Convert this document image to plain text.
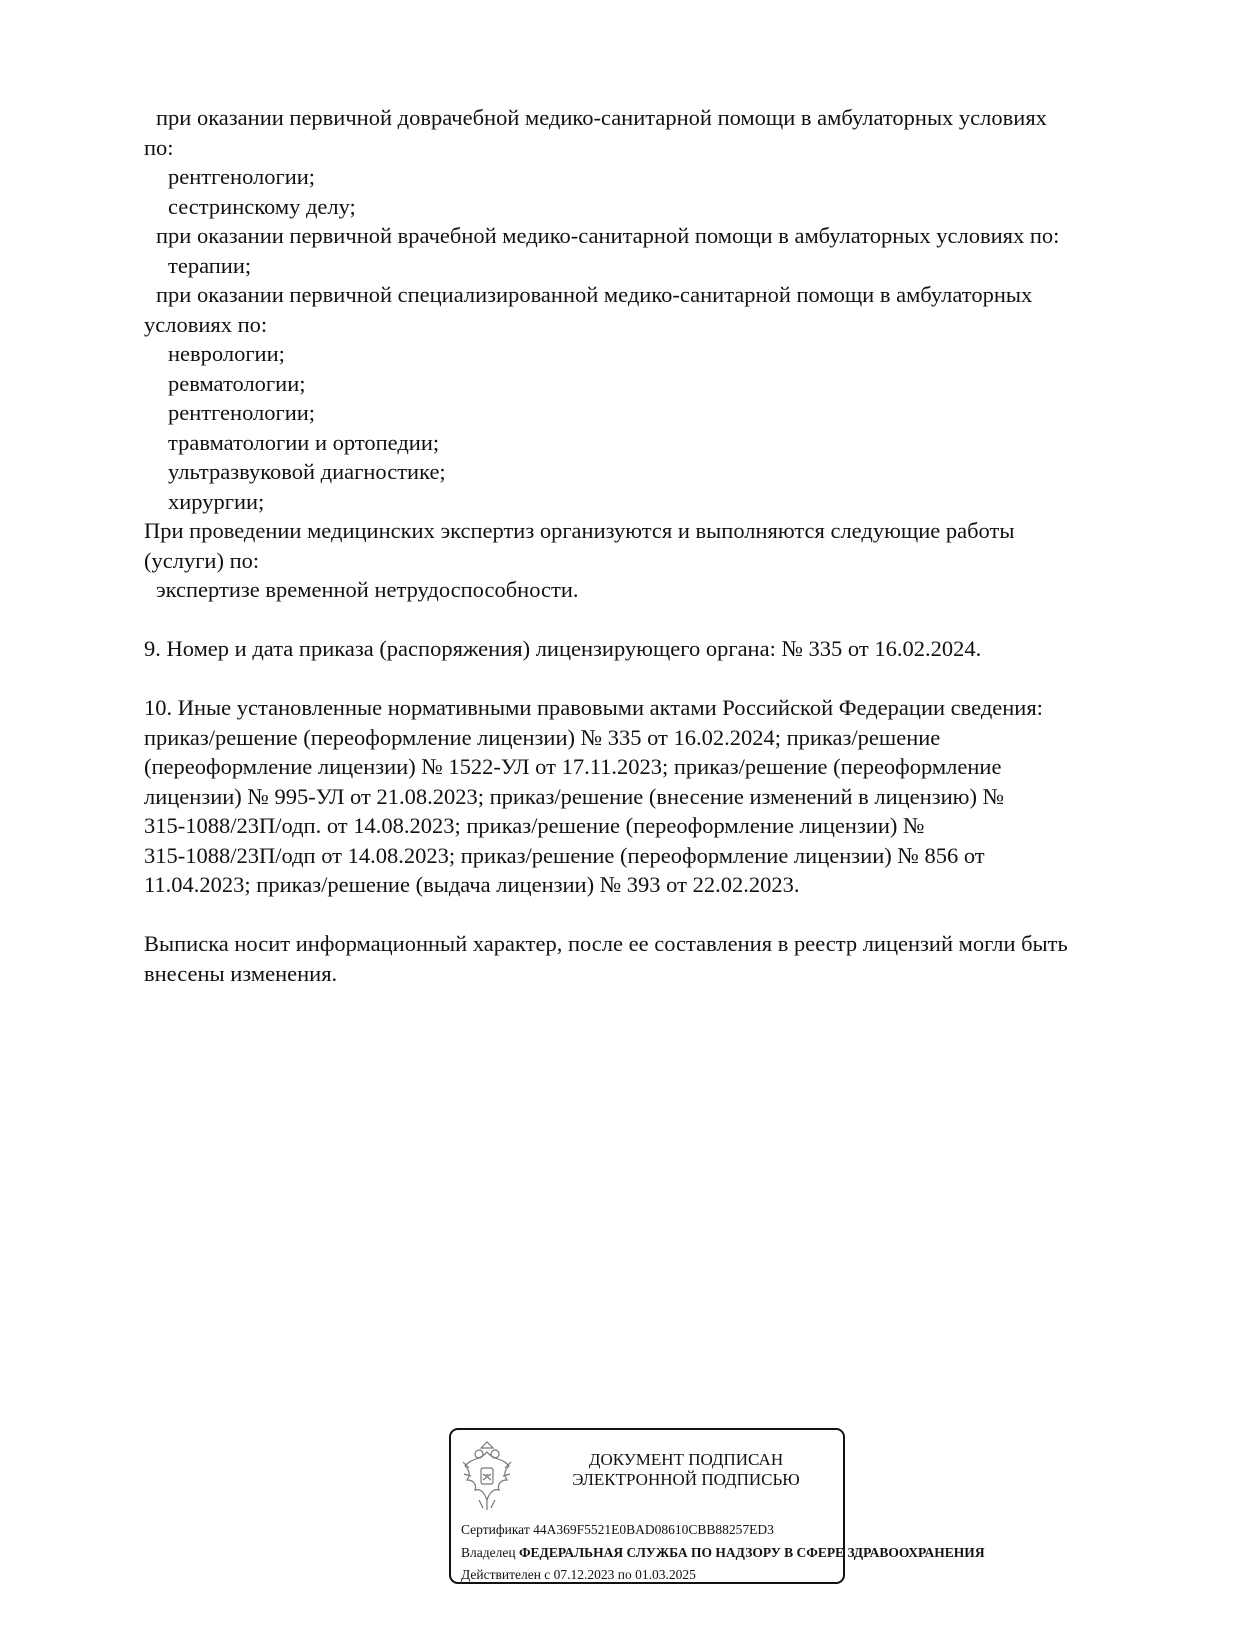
при оказании первичной доврачебной медико-санитарной помощи в амбулаторных условиях
по:
рентгенологии;
сестринскому делу;
при оказании первичной врачебной медико-санитарной помощи в амбулаторных условиях по:
терапии;
при оказании первичной специализированной медико-санитарной помощи в амбулаторных
условиях по:
неврологии;
ревматологии;
рентгенологии;
травматологии и ортопедии;
ультразвуковой диагностике;
хирургии;
При проведении медицинских экспертиз организуются и выполняются следующие работы
(услуги) по:
экспертизе временной нетрудоспособности.
9. Номер и дата приказа (распоряжения) лицензирующего органа: № 335 от 16.02.2024.
10. Иные установленные нормативными правовыми актами Российской Федерации сведения:
приказ/решение (переоформление лицензии) № 335 от 16.02.2024; приказ/решение
(переоформление лицензии) № 1522-УЛ от 17.11.2023; приказ/решение (переоформление
лицензии) № 995-УЛ от 21.08.2023; приказ/решение (внесение изменений в лицензию) №
315-1088/23П/одп. от 14.08.2023; приказ/решение (переоформление лицензии) №
315-1088/23П/одп от 14.08.2023; приказ/решение (переоформление лицензии) № 856 от
11.04.2023; приказ/решение (выдача лицензии) № 393 от 22.02.2023.
Выписка носит информационный характер, после ее составления в реестр лицензий могли быть
внесены изменения.
ДОКУМЕНТ ПОДПИСАН
ЭЛЕКТРОННОЙ ПОДПИСЬЮ
Сертификат 44A369F5521E0BAD08610CBB88257ED3
Владелец ФЕДЕРАЛЬНАЯ СЛУЖБА ПО НАДЗОРУ В СФЕРЕ ЗДРАВООХРАНЕНИЯ
Действителен с 07.12.2023 по 01.03.2025
